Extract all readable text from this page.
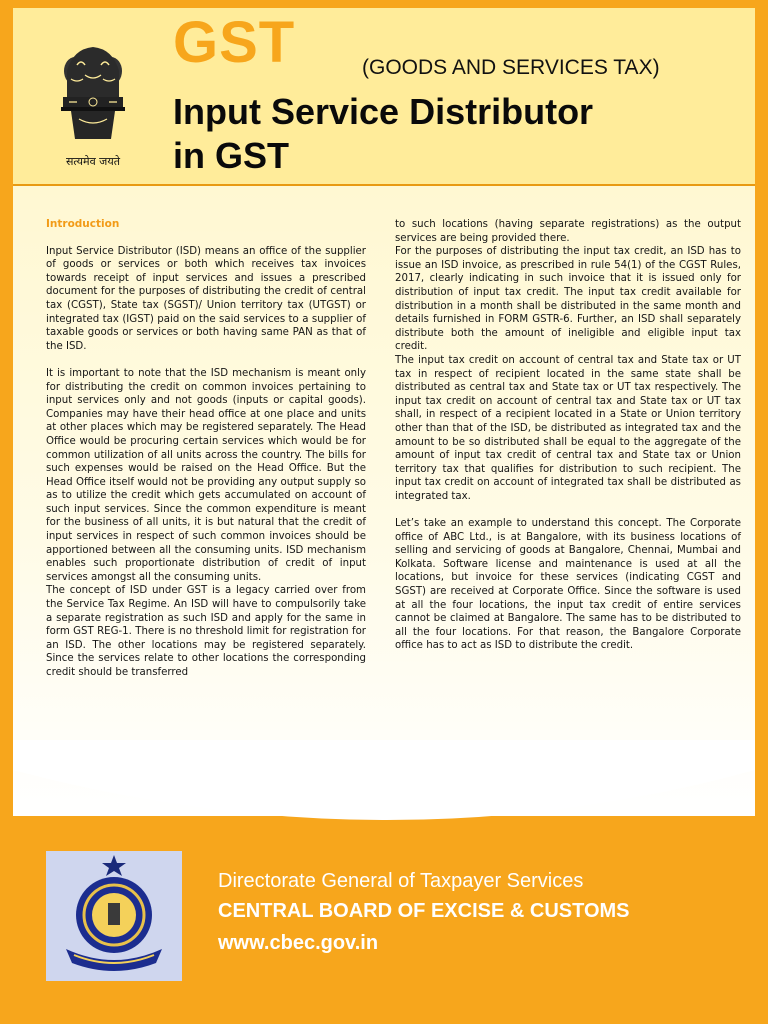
सत्यमेव जयते
GST	(GOODS AND SERVICES TAX)
Input Service Distributor
in GST
Introduction

Input Service Distributor (ISD) means an office of the supplier of goods or services or both which receives tax invoices towards receipt of input services and issues a prescribed document for the purposes of distributing the credit of central tax (CGST), State tax (SGST)/ Union territory tax (UTGST) or integrated tax (IGST) paid on the said services to a supplier of taxable goods or services or both having same PAN as that of the ISD.

It is important to note that the ISD mechanism is meant only for distributing the credit on common invoices pertaining to input services only and not goods (inputs or capital goods). Companies may have their head office at one place and units at other places which may be registered separately. The Head Office would be procuring certain services which would be for common utilization of all units across the country. The bills for such expenses would be raised on the Head Office. But the Head Office itself would not be providing any output supply so as to utilize the credit which gets accumulated on account of such input services. Since the common expenditure is meant for the business of all units, it is but natural that the credit of input services in respect of such common invoices should be apportioned between all the consuming units. ISD mechanism enables such proportionate distribution of credit of input services amongst all the consuming units.

The concept of ISD under GST is a legacy carried over from the Service Tax Regime. An ISD will have to compulsorily take a separate registration as such ISD and apply for the same in form GST REG-1. There is no threshold limit for registration for an ISD. The other locations may be registered separately. Since the services relate to other locations the corresponding credit should be transferred

to such locations (having separate registrations) as the output services are being provided there.

For the purposes of distributing the input tax credit, an ISD has to issue an ISD invoice, as prescribed in rule 54(1) of the CGST Rules, 2017, clearly indicating in such invoice that it is issued only for distribution of input tax credit. The input tax credit available for distribution in a month shall be distributed in the same month and details furnished in FORM GSTR-6. Further, an ISD shall separately distribute both the amount of ineligible and eligible input tax credit.

The input tax credit on account of central tax and State tax or UT tax in respect of recipient located in the same state shall be distributed as central tax and State tax or UT tax respectively. The input tax credit on account of central tax and State tax or UT tax shall, in respect of a recipient located in a State or Union territory other than that of the ISD, be distributed as integrated tax and the amount to be so distributed shall be equal to the aggregate of the amount of input tax credit of central tax and State tax or Union territory tax that qualifies for distribution to such recipient. The input tax credit on account of integrated tax shall be distributed as integrated tax.

Let’s take an example to understand this concept. The Corporate office of ABC Ltd., is at Bangalore, with its business locations of selling and servicing of goods at Bangalore, Chennai, Mumbai and Kolkata. Software license and maintenance is used at all the locations, but invoice for these services (indicating CGST and SGST) are received at Corporate Office. Since the software is used at all the four locations, the input tax credit of entire services cannot be claimed at Bangalore. The same has to be distributed to all the four locations. For that reason, the Bangalore Corporate office has to act as ISD to distribute the credit.

Directorate General of Taxpayer Services
CENTRAL BOARD OF EXCISE & CUSTOMS
www.cbec.gov.in
